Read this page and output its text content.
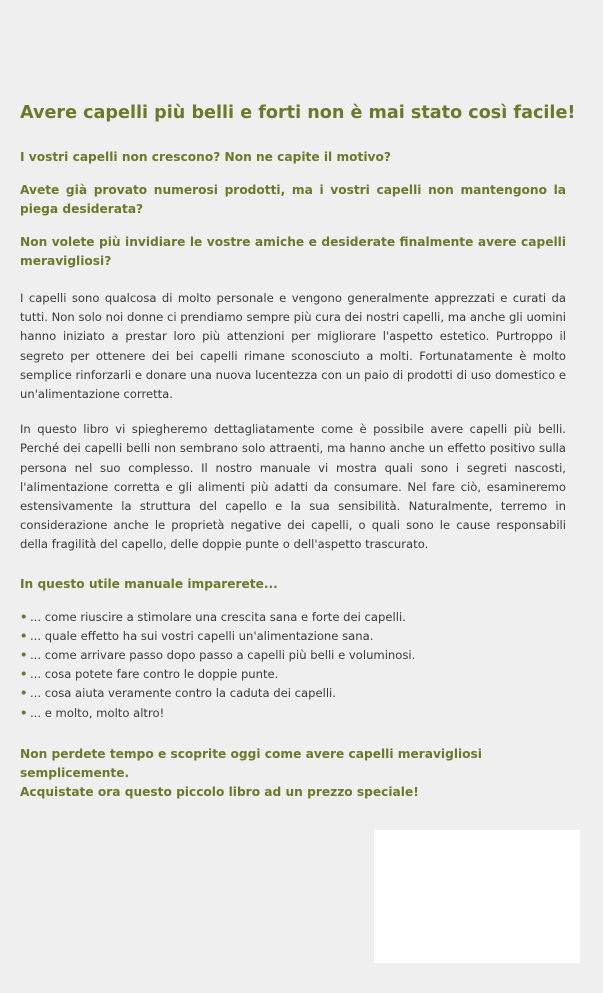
Avere capelli più belli e forti non è mai stato così facile!

I vostri capelli non crescono? Non ne capite il motivo?

Avete già provato numerosi prodotti, ma i vostri capelli non mantengono la piega desiderata?

Non volete più invidiare le vostre amiche e desiderate finalmente avere capelli meravigliosi?

I capelli sono qualcosa di molto personale e vengono generalmente apprezzati e curati da tutti. Non solo noi donne ci prendiamo sempre più cura dei nostri capelli, ma anche gli uomini hanno iniziato a prestar loro più attenzioni per migliorare l'aspetto estetico. Purtroppo il segreto per ottenere dei bei capelli rimane sconosciuto a molti. Fortunatamente è molto semplice rinforzarli e donare una nuova lucentezza con un paio di prodotti di uso domestico e un'alimentazione corretta.

In questo libro vi spiegheremo dettagliatamente come è possibile avere capelli più belli. Perché dei capelli belli non sembrano solo attraenti, ma hanno anche un effetto positivo sulla persona nel suo complesso. Il nostro manuale vi mostra quali sono i segreti nascosti, l'alimentazione corretta e gli alimenti più adatti da consumare. Nel fare ciò, esamineremo estensivamente la struttura del capello e la sua sensibilità. Naturalmente, terremo in considerazione anche le proprietà negative dei capelli, o quali sono le cause responsabili della fragilità del capello, delle doppie punte o dell'aspetto trascurato.

In questo utile manuale imparerete...

• ... come riuscire a stimolare una crescita sana e forte dei capelli.
• ... quale effetto ha sui vostri capelli un'alimentazione sana.
• ... come arrivare passo dopo passo a capelli più belli e voluminosi.
• ... cosa potete fare contro le doppie punte.
• ... cosa aiuta veramente contro la caduta dei capelli.
• ... e molto, molto altro!

Non perdete tempo e scoprite oggi come avere capelli meravigliosi semplicemente.

Acquistate ora questo piccolo libro ad un prezzo speciale!
